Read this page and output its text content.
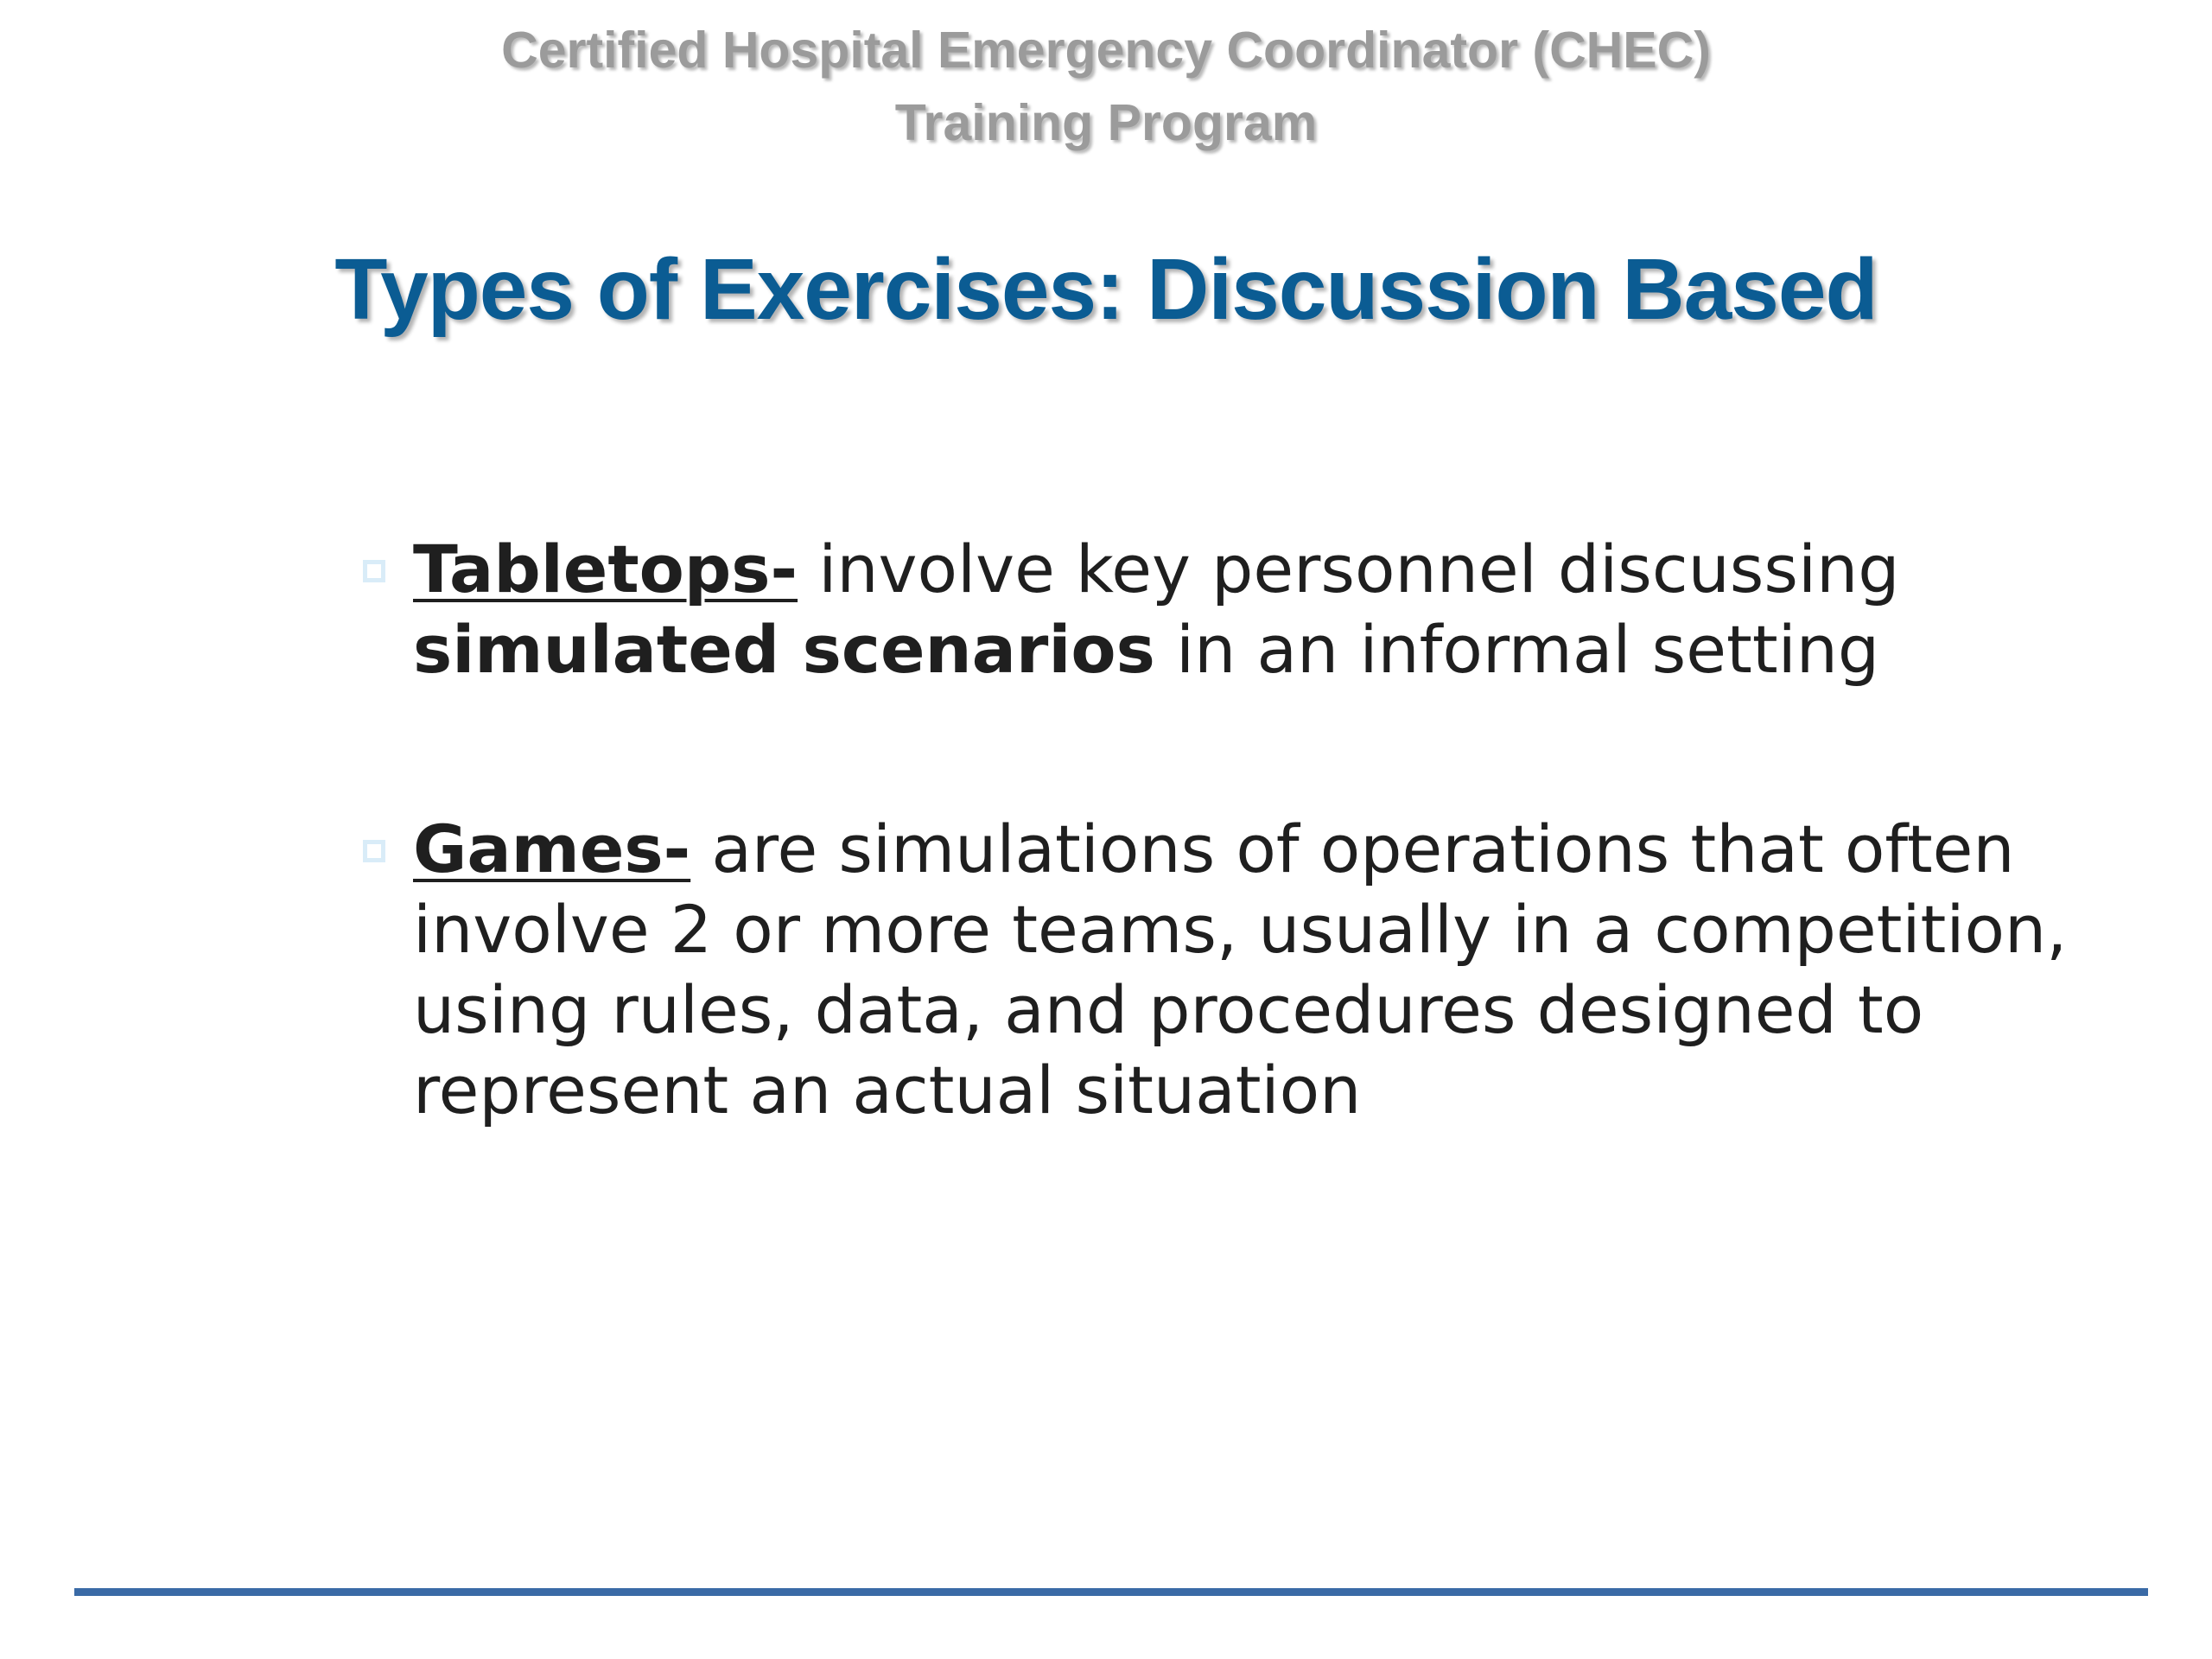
Certified Hospital Emergency Coordinator (CHEC)
Training Program
Types of Exercises: Discussion Based
Tabletops- involve key personnel discussing simulated scenarios in an informal setting
Games- are simulations of operations that often involve 2 or more teams, usually in a competition, using rules, data, and procedures designed to represent an actual situation
